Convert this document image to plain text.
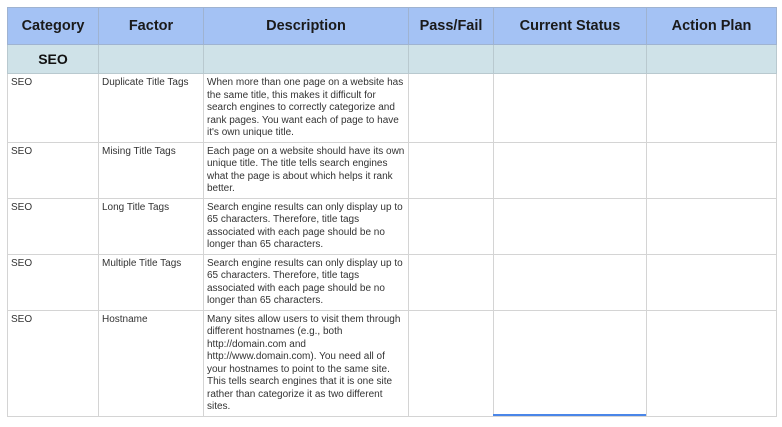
Category	Factor	Description	Pass/Fail	Current Status	Action Plan
SEO					
SEO	Duplicate Title Tags	When more than one page on a website has the same title, this makes it difficult for search engines to correctly categorize and rank pages. You want each of page to have it's own unique title.			
SEO	Mising Title Tags	Each page on a website should have its own unique title. The title tells search engines what the page is about which helps it rank better.			
SEO	Long Title Tags	Search engine results can only display up to 65 characters. Therefore, title tags associated with each page should be no longer than 65 characters.			
SEO	Multiple Title Tags	Search engine results can only display up to 65 characters. Therefore, title tags associated with each page should be no longer than 65 characters.			
SEO	Hostname	Many sites allow users to visit them through different hostnames (e.g., both http://domain.com and http://www.domain.com). You need all of your hostnames to point to the same site. This tells search engines that it is one site rather than categorize it as two different sites.			
